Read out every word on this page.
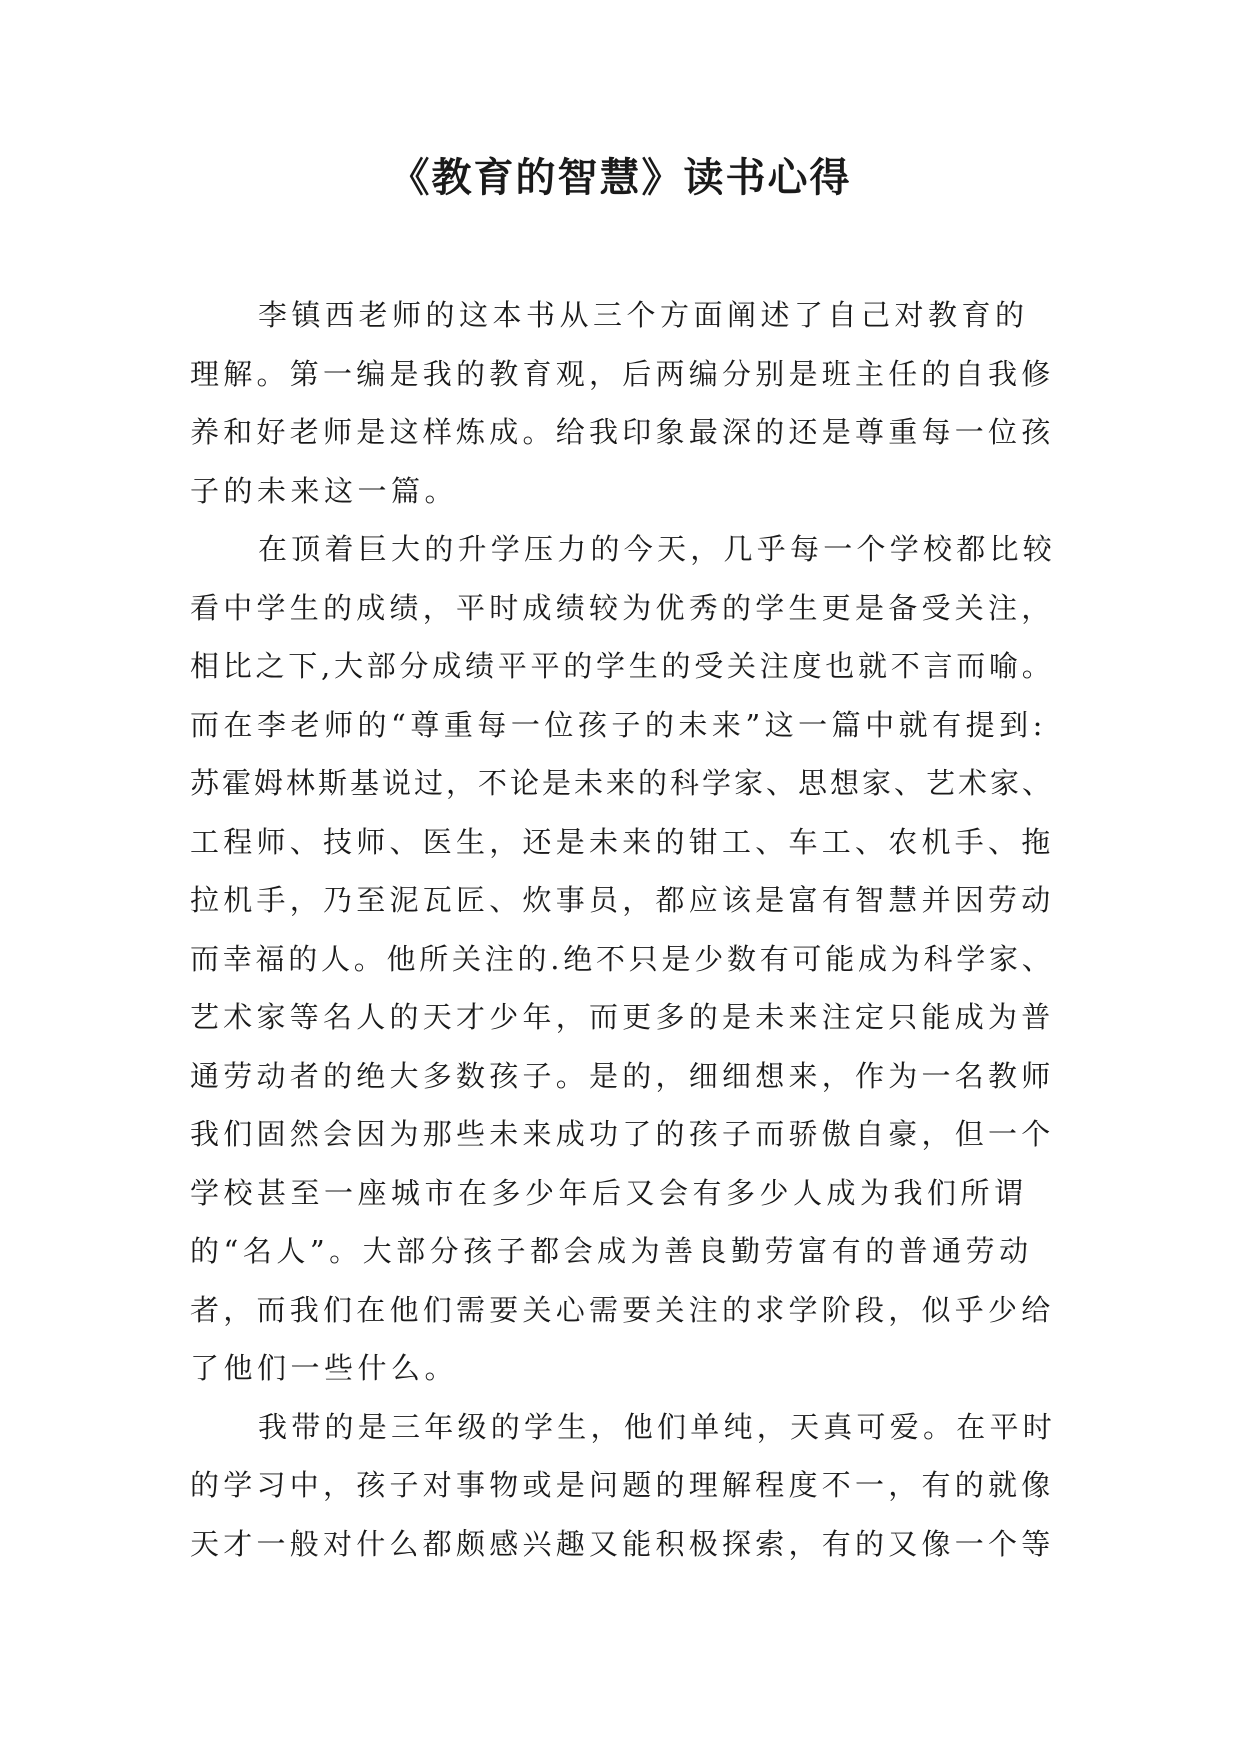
《教育的智慧》读书心得
李镇西老师的这本书从三个方面阐述了自己对教育的
理解。第一编是我的教育观，后两编分别是班主任的自我修
养和好老师是这样炼成。给我印象最深的还是尊重每一位孩
子的未来这一篇。
在顶着巨大的升学压力的今天，几乎每一个学校都比较
看中学生的成绩，平时成绩较为优秀的学生更是备受关注，
相比之下,大部分成绩平平的学生的受关注度也就不言而喻。
而在李老师的“尊重每一位孩子的未来”这一篇中就有提到:
苏霍姆林斯基说过，不论是未来的科学家、思想家、艺术家、
工程师、技师、医生，还是未来的钳工、车工、农机手、拖
拉机手，乃至泥瓦匠、炊事员，都应该是富有智慧并因劳动
而幸福的人。他所关注的.绝不只是少数有可能成为科学家、
艺术家等名人的天才少年，而更多的是未来注定只能成为普
通劳动者的绝大多数孩子。是的，细细想来，作为一名教师
我们固然会因为那些未来成功了的孩子而骄傲自豪，但一个
学校甚至一座城市在多少年后又会有多少人成为我们所谓
的“名人”。大部分孩子都会成为善良勤劳富有的普通劳动
者，而我们在他们需要关心需要关注的求学阶段，似乎少给
了他们一些什么。
我带的是三年级的学生，他们单纯，天真可爱。在平时
的学习中，孩子对事物或是问题的理解程度不一，有的就像
天才一般对什么都颇感兴趣又能积极探索，有的又像一个等
